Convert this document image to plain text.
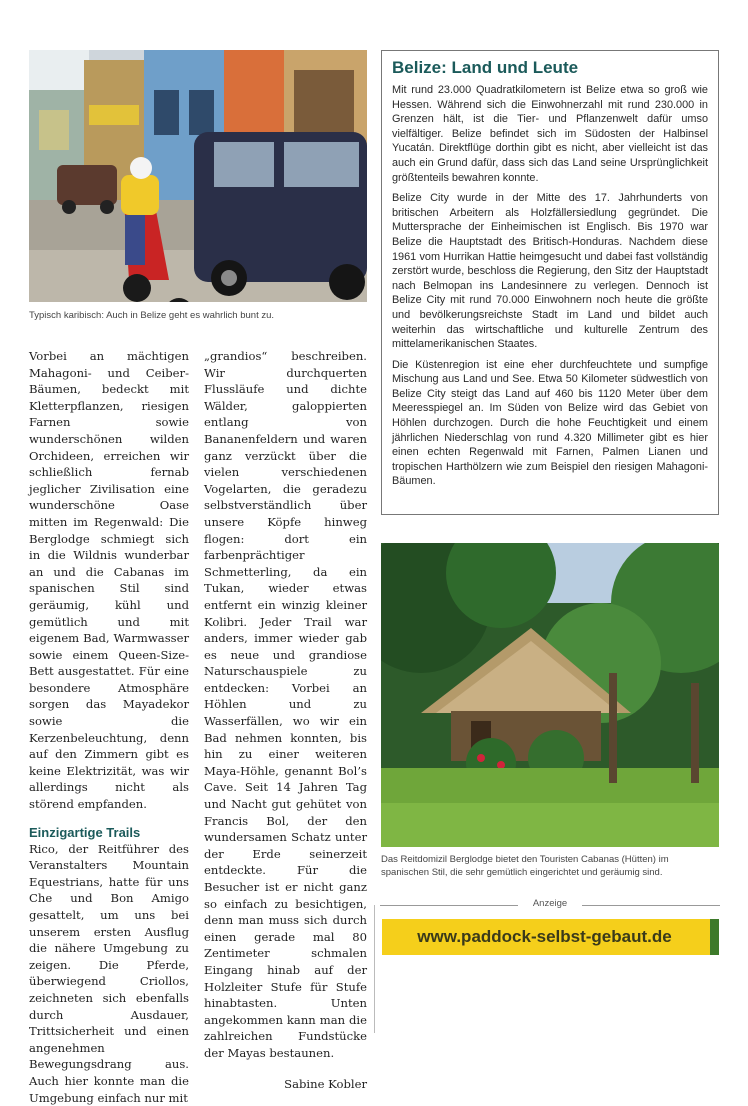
Typisch karibisch: Auch in Belize geht es wahrlich bunt zu.

Vorbei an mächtigen Mahagoni- und Ceiber-Bäumen, bedeckt mit Kletterpflanzen, riesigen Farnen sowie wunderschönen wilden Orchideen, erreichen wir schließlich fernab jeglicher Zivilisation eine wunderschöne Oase mitten im Regenwald: Die Berglodge schmiegt sich in die Wildnis wunderbar an und die Cabanas im spanischen Stil sind geräumig, kühl und gemütlich und mit eigenem Bad, Warmwasser sowie einem Queen-Size-Bett ausgestattet. Für eine besondere Atmosphäre sorgen das Mayadekor sowie die Kerzenbeleuchtung, denn auf den Zimmern gibt es keine Elektrizität, was wir allerdings nicht als störend empfanden.

Einzigartige Trails

Rico, der Reitführer des Veranstalters Mountain Equestrians, hatte für uns Che und Bon Amigo gesattelt, um uns bei unserem ersten Ausflug die nähere Umgebung zu zeigen. Die Pferde, überwiegend Criollos, zeichneten sich ebenfalls durch Ausdauer, Trittsicherheit und einen angenehmen Bewegungsdrang aus. Auch hier konnte man die Umgebung einfach nur mit

„grandios“ beschreiben. Wir durchquerten Flussläufe und dichte Wälder, galoppierten entlang von Bananenfeldern und waren ganz verzückt über die vielen verschiedenen Vogelarten, die geradezu selbstverständlich über unsere Köpfe hinweg flogen: dort ein farbenprächtiger Schmetterling, da ein Tukan, wieder etwas entfernt ein winzig kleiner Kolibri. Jeder Trail war anders, immer wieder gab es neue und grandiose Naturschauspiele zu entdecken: Vorbei an Höhlen und zu Wasserfällen, wo wir ein Bad nehmen konnten, bis hin zu einer weiteren Maya-Höhle, genannt Bol’s Cave. Seit 14 Jahren Tag und Nacht gut gehütet von Francis Bol, der den wundersamen Schatz unter der Erde seinerzeit entdeckte. Für die Besucher ist er nicht ganz so einfach zu besichtigen, denn man muss sich durch einen gerade mal 80 Zentimeter schmalen Eingang hinab auf der Holzleiter Stufe für Stufe hinabtasten. Unten angekommen kann man die zahlreichen Fundstücke der Mayas bestaunen.

Sabine Kobler

Belize: Land und Leute

Mit rund 23.000 Quadratkilometern ist Belize etwa so groß wie Hessen. Während sich die Einwohnerzahl mit rund 230.000 in Grenzen hält, ist die Tier- und Pflanzenwelt dafür umso vielfältiger. Belize befindet sich im Südosten der Halbinsel Yucatán. Direktflüge dorthin gibt es nicht, aber vielleicht ist das auch ein Grund dafür, dass sich das Land seine Ursprünglichkeit größtenteils bewahren konnte.

Belize City wurde in der Mitte des 17. Jahrhunderts von britischen Arbeitern als Holzfällersiedlung gegründet. Die Muttersprache der Einheimischen ist Englisch. Bis 1970 war Belize die Hauptstadt des Britisch-Honduras. Nachdem diese 1961 vom Hurrikan Hattie heimgesucht und dabei fast vollständig zerstört wurde, beschloss die Regierung, den Sitz der Hauptstadt nach Belmopan ins Landesinnere zu verlegen. Dennoch ist Belize City mit rund 70.000 Einwohnern noch heute die größte und bevölkerungsreichste Stadt im Land und bildet auch weiterhin das wirtschaftliche und kulturelle Zentrum des mittelamerikanischen Staates.

Die Küstenregion ist eine eher durchfeuchtete und sumpfige Mischung aus Land und See. Etwa 50 Kilometer südwestlich von Belize City steigt das Land auf 460 bis 1120 Meter über dem Meeresspiegel an. Im Süden von Belize wird das Gebiet von Höhlen durchzogen. Durch die hohe Feuchtigkeit und einem jährlichen Niederschlag von rund 4.320 Millimeter gibt es hier einen echten Regenwald mit Farnen, Palmen Lianen und tropischen Harthölzern wie zum Beispiel den riesigen Mahagoni-Bäumen.

Das Reitdomizil Berglodge bietet den Touristen Cabanas (Hütten) im spanischen Stil, die sehr gemütlich eingerichtet und geräumig sind.
Anzeige
www.paddock-selbst-gebaut.de
